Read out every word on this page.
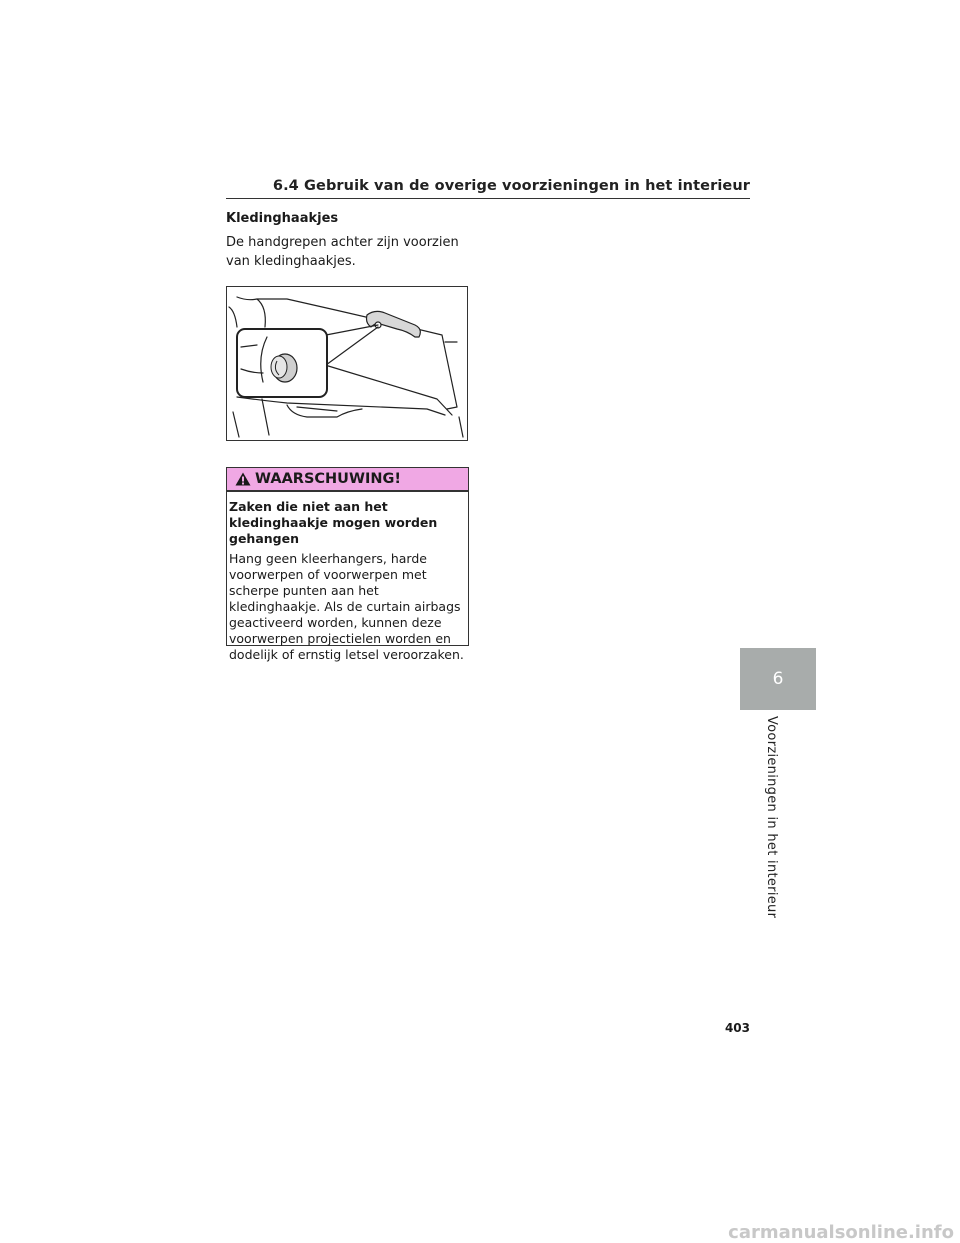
6.4 Gebruik van de overige voorzieningen in het interieur
Kledinghaakjes
De handgrepen achter zijn voorzien van kledinghaakjes.
WAARSCHUWING!

Zaken die niet aan het kledinghaakje mogen worden gehangen

Hang geen kleerhangers, harde voorwerpen of voorwerpen met scherpe punten aan het kledinghaakje. Als de curtain airbags geactiveerd worden, kunnen deze voorwerpen projectielen worden en dodelijk of ernstig letsel veroorzaken.

6
Voorzieningen in het interieur
403
carmanualsonline.info
